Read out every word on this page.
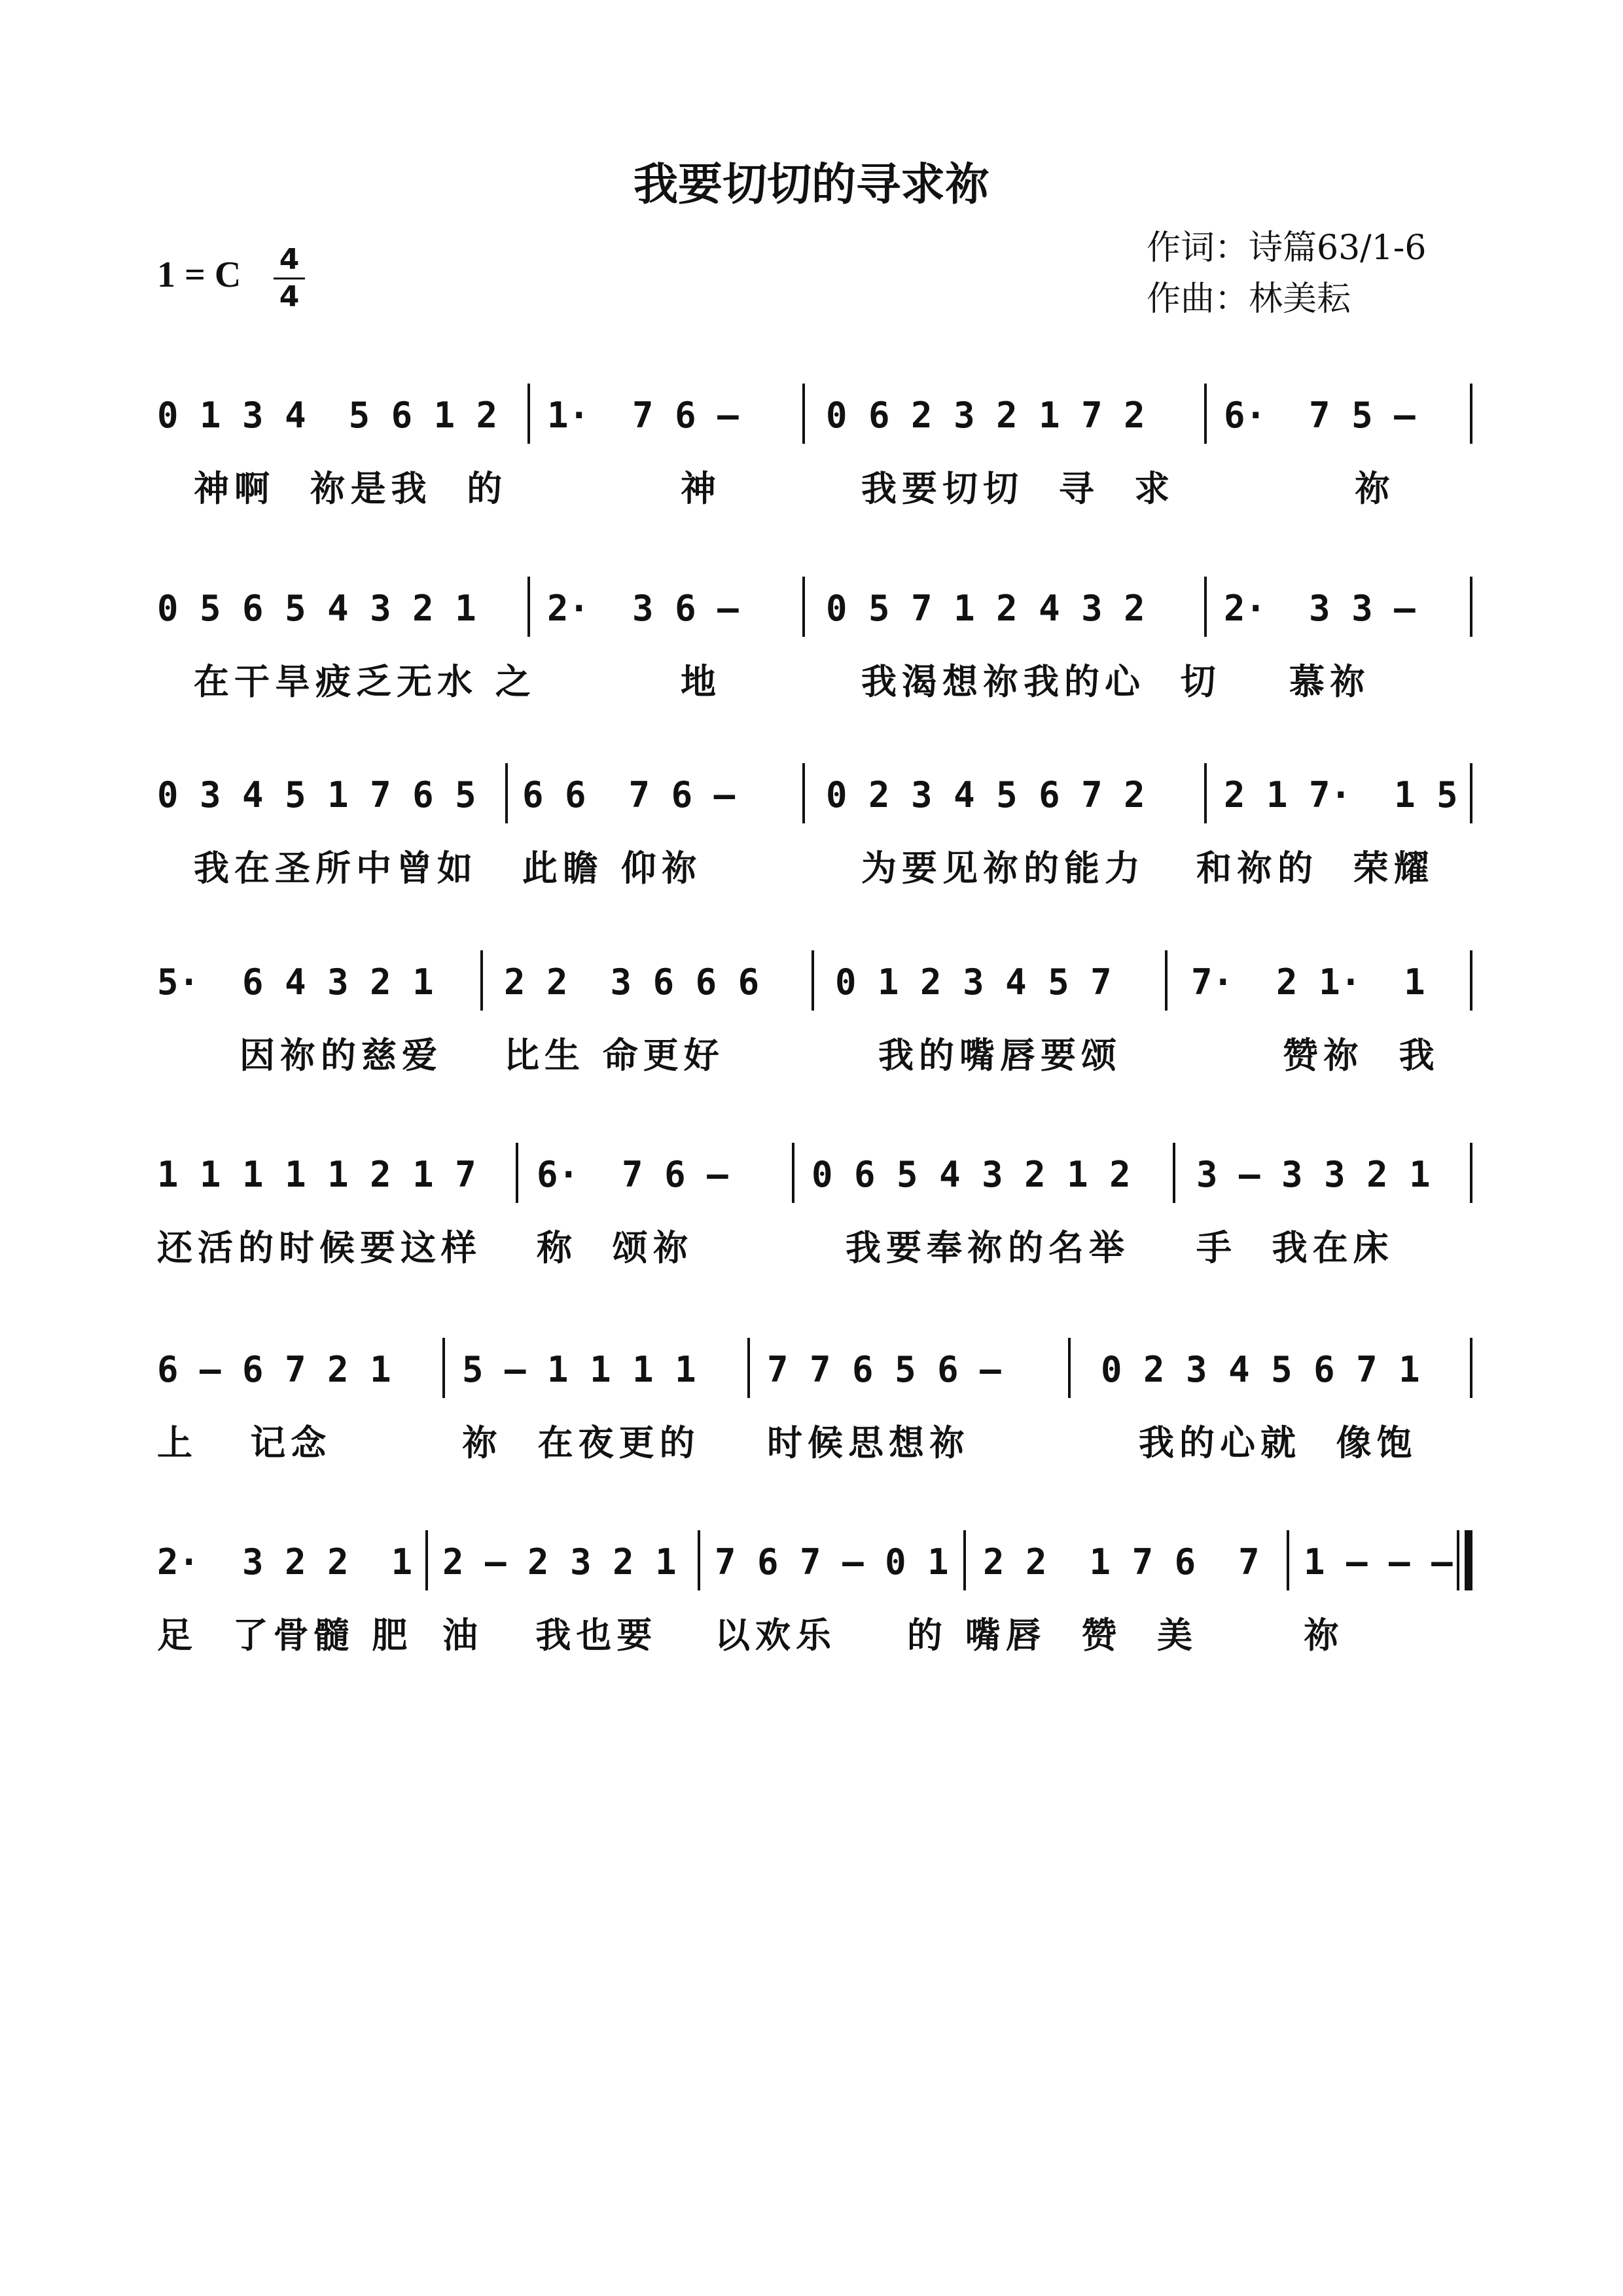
我要切切的寻求祢
1 = C 4
4
作词：诗篇63/1-6
作曲：林美耘

0 1 3 4  5 6 1 2

1·  7 6 –

0 6 2 3 2 1 7 2

6·  7 5 –

神啊  祢是我  的

	神

	我要切切  寻  求

	祢

0 5 6 5 4 3 2 1

2·  3 6 –

0 5 7 1 2 4 3 2

2·  3 3 –

在干旱疲乏无水 之

	地

	我渴想祢我的心  切

慕祢

0 3 4 5 1 7 6 5

6 6  7 6 –

	0 2 3 4 5 6 7 2

2 1 7·  1 5

我在圣所中曾如

此瞻 仰祢

	为要见祢的能力

和祢的  荣耀

5·  6 4 3 2 1

2 2  3 6 6 6

0 1 2 3 4 5 7

7·  2 1·  1

因祢的慈爱

比生 命更好

	我的嘴唇要颂

	赞祢  我

1 1 1 1 1 2 1 7

6·  7 6 –

0 6 5 4 3 2 1 2

3 – 3 3 2 1

还活的时候要这样

称  颂祢

	我要奉祢的名举

手  我在床

6 – 6 7 2 1

5 – 1 1 1 1

7 7 6 5 6 –

	0 2 3 4 5 6 7 1

上   记念

	祢  在夜更的

时候思想祢

	我的心就  像饱

2·  3 2 2  1

2 – 2 3 2 1

7 6 7 – 0 1

2 2  1 7 6  7

1 – – –

足  了骨髓 肥

油   我也要

以欢乐

的 嘴唇  赞  美

	祢
